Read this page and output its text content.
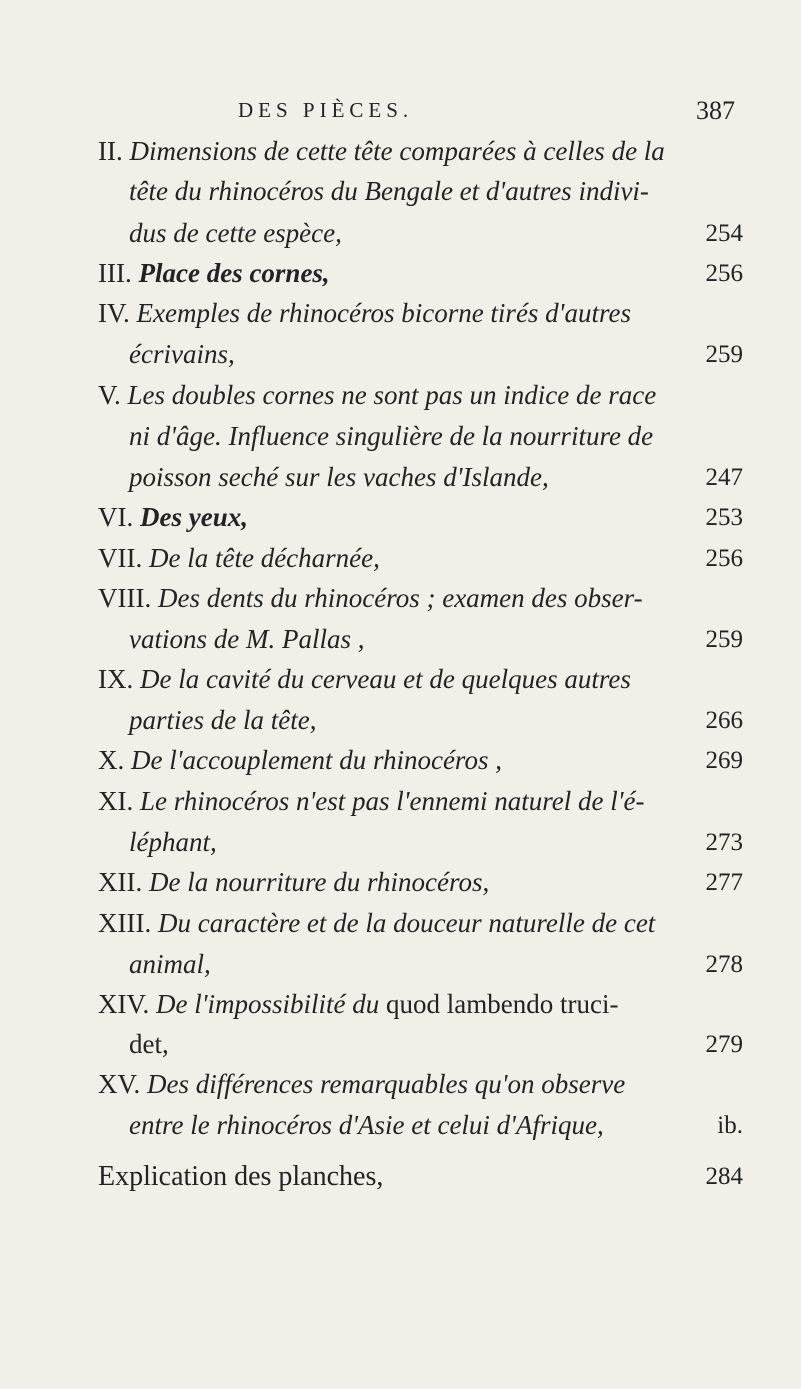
DES PIÈCES.	387
II. Dimensions de cette tête comparées à celles de la
tête du rhinocéros du Bengale et d'autres indivi-
dus de cette espèce,	254
III. Place des cornes,	256
IV. Exemples de rhinocéros bicorne tirés d'autres
écrivains,	259
V. Les doubles cornes ne sont pas un indice de race
ni d'âge. Influence singulière de la nourriture de
poisson seché sur les vaches d'Islande,	247
VI. Des yeux,	253
VII. De la tête décharnée,	256
VIII. Des dents du rhinocéros ; examen des obser-
vations de M. Pallas ,	259
IX. De la cavité du cerveau et de quelques autres
parties de la tête,	266
X. De l'accouplement du rhinocéros ,	269
XI. Le rhinocéros n'est pas l'ennemi naturel de l'é-
léphant,	273
XII. De la nourriture du rhinocéros,	277
XIII. Du caractère et de la douceur naturelle de cet
animal,	278
XIV. De l'impossibilité du quod lambendo truci-
det,	279
XV. Des différences remarquables qu'on observe
entre le rhinocéros d'Asie et celui d'Afrique,	ib.
Explication des planches,	284
